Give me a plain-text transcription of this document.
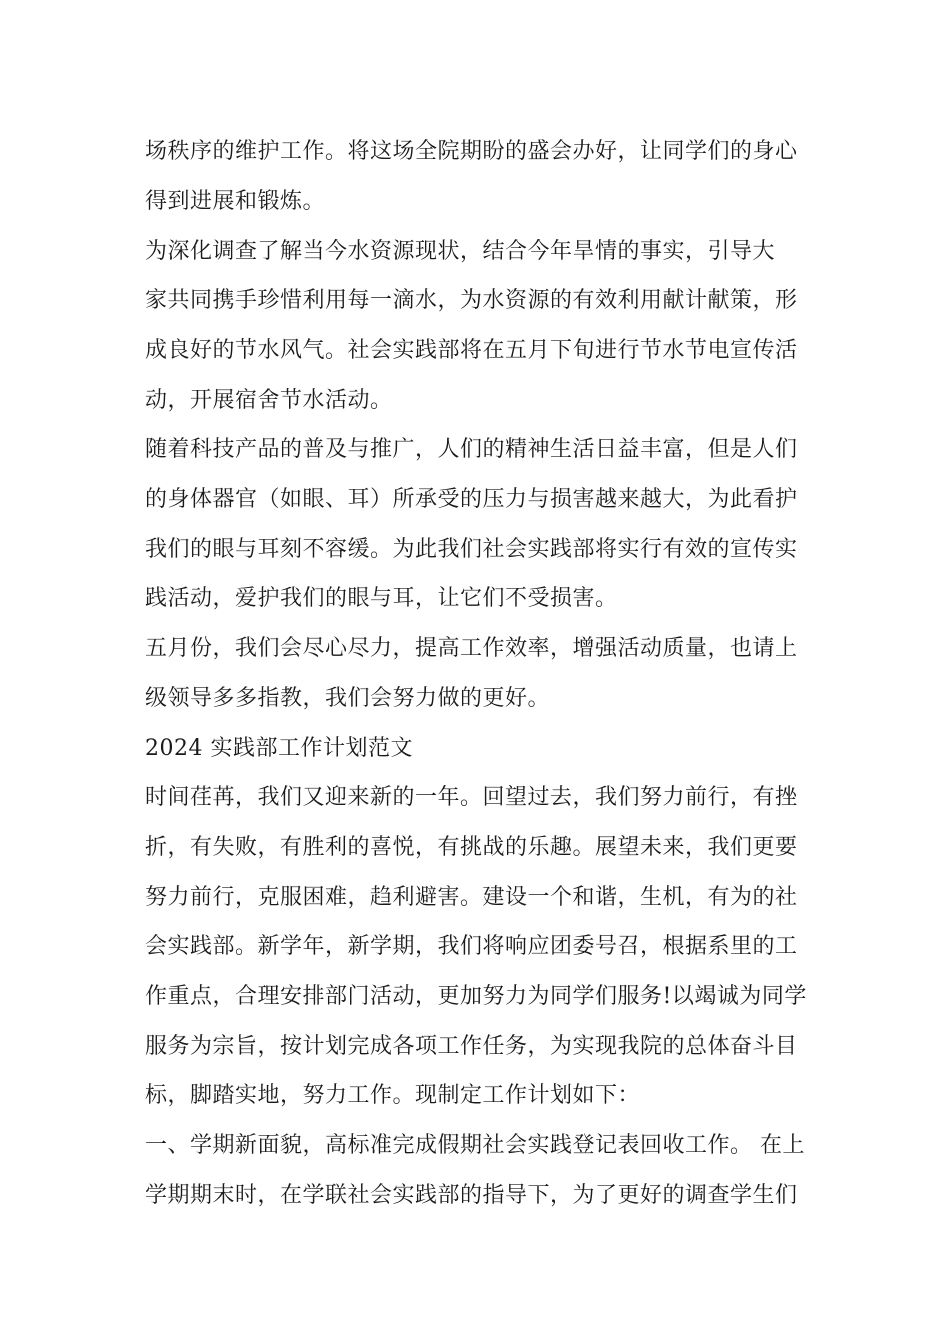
场秩序的维护工作。将这场全院期盼的盛会办好，让同学们的身心
得到进展和锻炼。
为深化调查了解当今水资源现状，结合今年旱情的事实，引导大
家共同携手珍惜利用每一滴水，为水资源的有效利用献计献策，形
成良好的节水风气。社会实践部将在五月下旬进行节水节电宣传活
动，开展宿舍节水活动。
随着科技产品的普及与推广，人们的精神生活日益丰富，但是人们
的身体器官（如眼、耳）所承受的压力与损害越来越大，为此看护
我们的眼与耳刻不容缓。为此我们社会实践部将实行有效的宣传实
践活动，爱护我们的眼与耳，让它们不受损害。
五月份，我们会尽心尽力，提高工作效率，增强活动质量，也请上
级领导多多指教，我们会努力做的更好。
2024 实践部工作计划范文
时间荏苒，我们又迎来新的一年。回望过去，我们努力前行，有挫
折，有失败，有胜利的喜悦，有挑战的乐趣。展望未来，我们更要
努力前行，克服困难，趋利避害。建设一个和谐，生机，有为的社
会实践部。新学年，新学期，我们将响应团委号召，根据系里的工
作重点，合理安排部门活动，更加努力为同学们服务!以竭诚为同学
服务为宗旨，按计划完成各项工作任务，为实现我院的总体奋斗目
标，脚踏实地，努力工作。现制定工作计划如下：
一、学期新面貌，高标准完成假期社会实践登记表回收工作。 在上
学期期末时，在学联社会实践部的指导下，为了更好的调查学生们
